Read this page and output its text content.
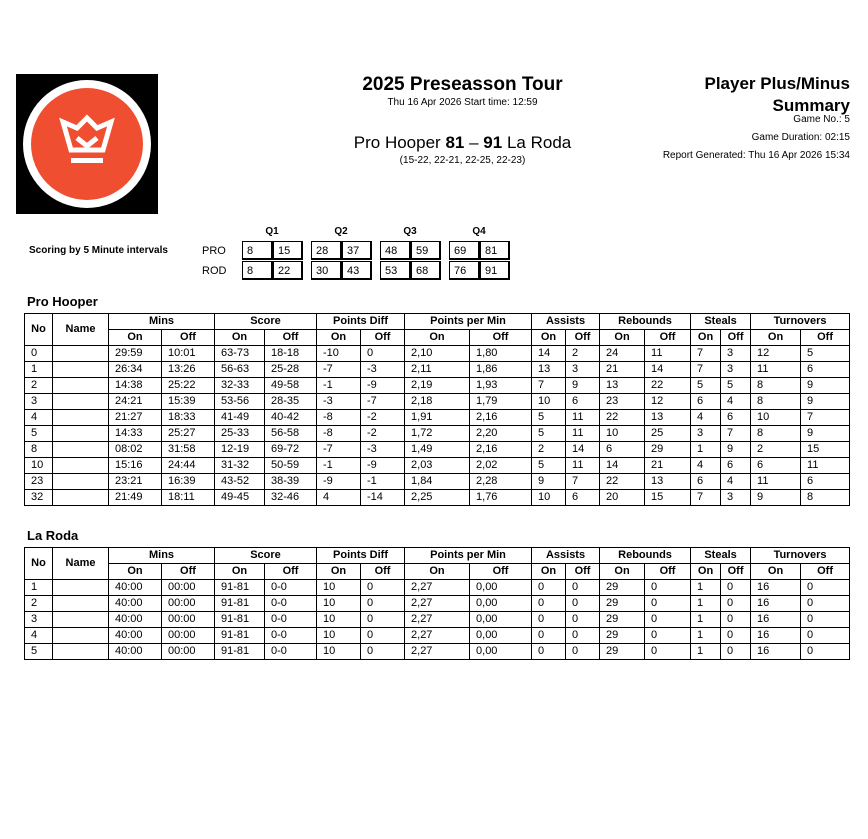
2025 Preseasson Tour
Thu 16 Apr 2026 Start time: 12:59
Pro Hooper 81 – 91 La Roda
(15-22, 22-21, 22-25, 22-23)
Player Plus/Minus
Summary
Game No.: 5
Game Duration: 02:15
Report Generated: Thu 16 Apr 2026 15:34
Scoring by 5 Minute intervals	PRO
ROD
Q1	Q2	Q3	Q4
8	15	28	37	48	59	69	81
8	22	30	43	53	68	76	91
Pro Hooper
No	Name	Mins		Score		Points Diff		Points per Min		Assists		Rebounds		Steals		Turnovers	
		On	Off	On	Off	On	Off	On	Off	On	Off	On	Off	On	Off	On	Off
0		29:59	10:01	63-73	18-18	-10	0	2,10	1,80	14	2	24	11	7	3	12	5
1		26:34	13:26	56-63	25-28	-7	-3	2,11	1,86	13	3	21	14	7	3	11	6
2		14:38	25:22	32-33	49-58	-1	-9	2,19	1,93	7	9	13	22	5	5	8	9
3		24:21	15:39	53-56	28-35	-3	-7	2,18	1,79	10	6	23	12	6	4	8	9
4		21:27	18:33	41-49	40-42	-8	-2	1,91	2,16	5	11	22	13	4	6	10	7
5		14:33	25:27	25-33	56-58	-8	-2	1,72	2,20	5	11	10	25	3	7	8	9
8		08:02	31:58	12-19	69-72	-7	-3	1,49	2,16	2	14	6	29	1	9	2	15
10		15:16	24:44	31-32	50-59	-1	-9	2,03	2,02	5	11	14	21	4	6	6	11
23		23:21	16:39	43-52	38-39	-9	-1	1,84	2,28	9	7	22	13	6	4	11	6
32		21:49	18:11	49-45	32-46	4	-14	2,25	1,76	10	6	20	15	7	3	9	8
La Roda
No	Name	Mins		Score		Points Diff		Points per Min		Assists		Rebounds		Steals		Turnovers	
		On	Off	On	Off	On	Off	On	Off	On	Off	On	Off	On	Off	On	Off
1		40:00	00:00	91-81	0-0	10	0	2,27	0,00	0	0	29	0	1	0	16	0
2		40:00	00:00	91-81	0-0	10	0	2,27	0,00	0	0	29	0	1	0	16	0
3		40:00	00:00	91-81	0-0	10	0	2,27	0,00	0	0	29	0	1	0	16	0
4		40:00	00:00	91-81	0-0	10	0	2,27	0,00	0	0	29	0	1	0	16	0
5		40:00	00:00	91-81	0-0	10	0	2,27	0,00	0	0	29	0	1	0	16	0
